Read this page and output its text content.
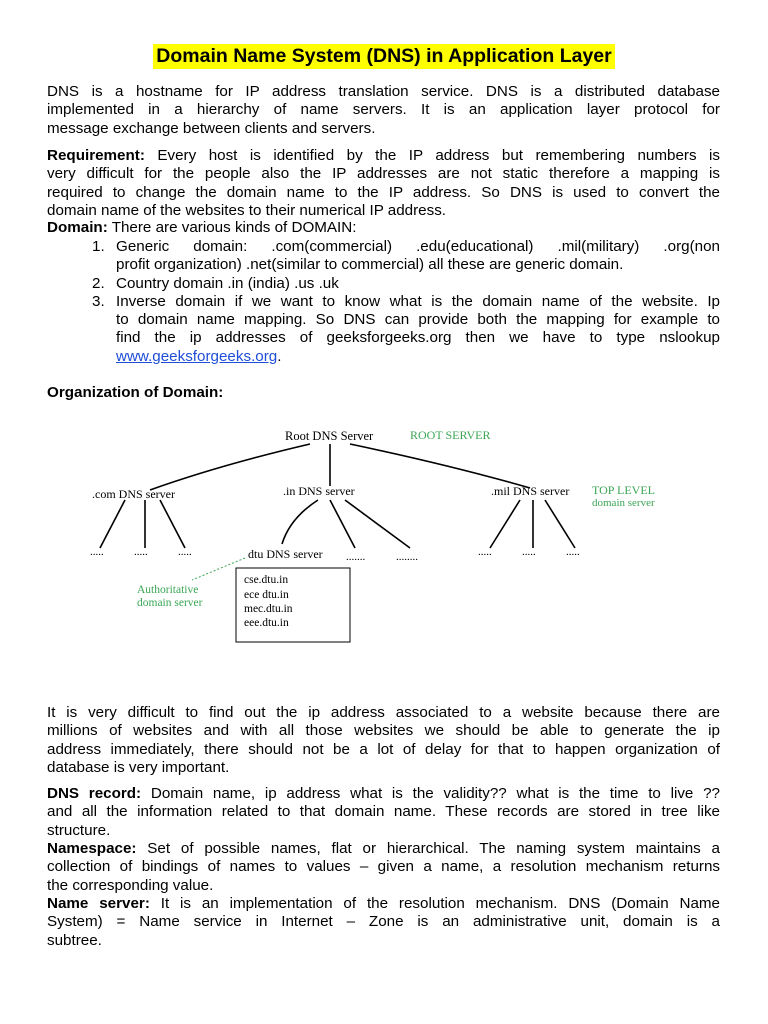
Domain Name System (DNS) in Application Layer

DNS is a hostname for IP address translation service. DNS is a distributed database
implemented in a hierarchy of name servers. It is an application layer protocol for
message exchange between clients and servers.

Requirement: Every host is identified by the IP address but remembering numbers is
very difficult for the people also the IP addresses are not static therefore a mapping is
required to change the domain name to the IP address. So DNS is used to convert the
domain name of the websites to their numerical IP address.

Domain: There are various kinds of DOMAIN:

1. Generic domain: .com(commercial) .edu(educational) .mil(military) .org(non
profit organization) .net(similar to commercial) all these are generic domain.
2. Country domain .in (india) .us .uk
3. Inverse domain if we want to know what is the domain name of the website. Ip
to domain name mapping. So DNS can provide both the mapping for example to
find the ip addresses of geeksforgeeks.org then we have to type nslookup
www.geeksforgeeks.org.
Organization of Domain:
Root DNS Server	ROOT SERVER
.com DNS server	.in DNS server	.mil DNS server TOP LEVEL
domain server
.....	.....	.....	dtu DNS server .......	........	.....	.....	.....
Authoritative
domain server
cse.dtu.in
ece dtu.in
mec.dtu.in
eee.dtu.in

It is very difficult to find out the ip address associated to a website because there are
millions of websites and with all those websites we should be able to generate the ip
address immediately, there should not be a lot of delay for that to happen organization of
database is very important.

DNS record: Domain name, ip address what is the validity?? what is the time to live ??
and all the information related to that domain name. These records are stored in tree like
structure.

Namespace: Set of possible names, flat or hierarchical. The naming system maintains a
collection of bindings of names to values – given a name, a resolution mechanism returns
the corresponding value.

Name server: It is an implementation of the resolution mechanism. DNS (Domain Name
System) = Name service in Internet – Zone is an administrative unit, domain is a
subtree.
